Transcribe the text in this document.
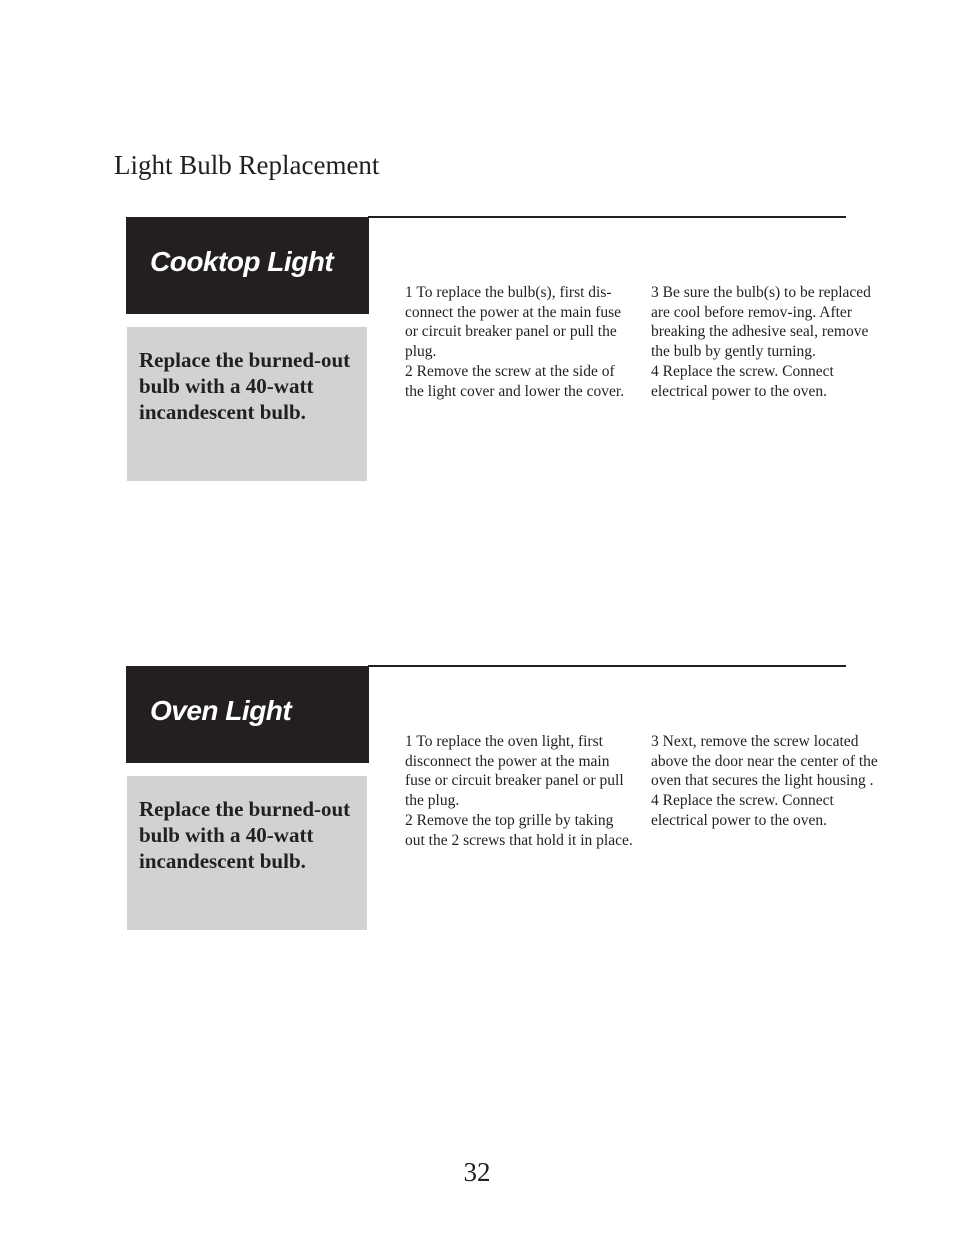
Light Bulb Replacement
Cooktop Light

Replace the burned-out bulb with a 40-watt incandescent bulb.

1 To replace the bulb(s), first dis-connect the power at the main fuse or circuit breaker panel or pull the plug.
2 Remove the screw at the side of the light cover and lower the cover.
3 Be sure the bulb(s) to be replaced are cool before remov-ing. After breaking the adhesive seal, remove the bulb by gently turning.
4 Replace the screw. Connect electrical power to the oven.
Oven Light

Replace the burned-out bulb with a 40-watt incandescent bulb.

1 To replace the oven light, first disconnect the power at the main fuse or circuit breaker panel or pull the plug.
2 Remove the top grille by taking out the 2 screws that hold it in place.
3 Next, remove the screw located above the door near the center of the oven that secures the light housing .
4 Replace the screw. Connect electrical power to the oven.
32
